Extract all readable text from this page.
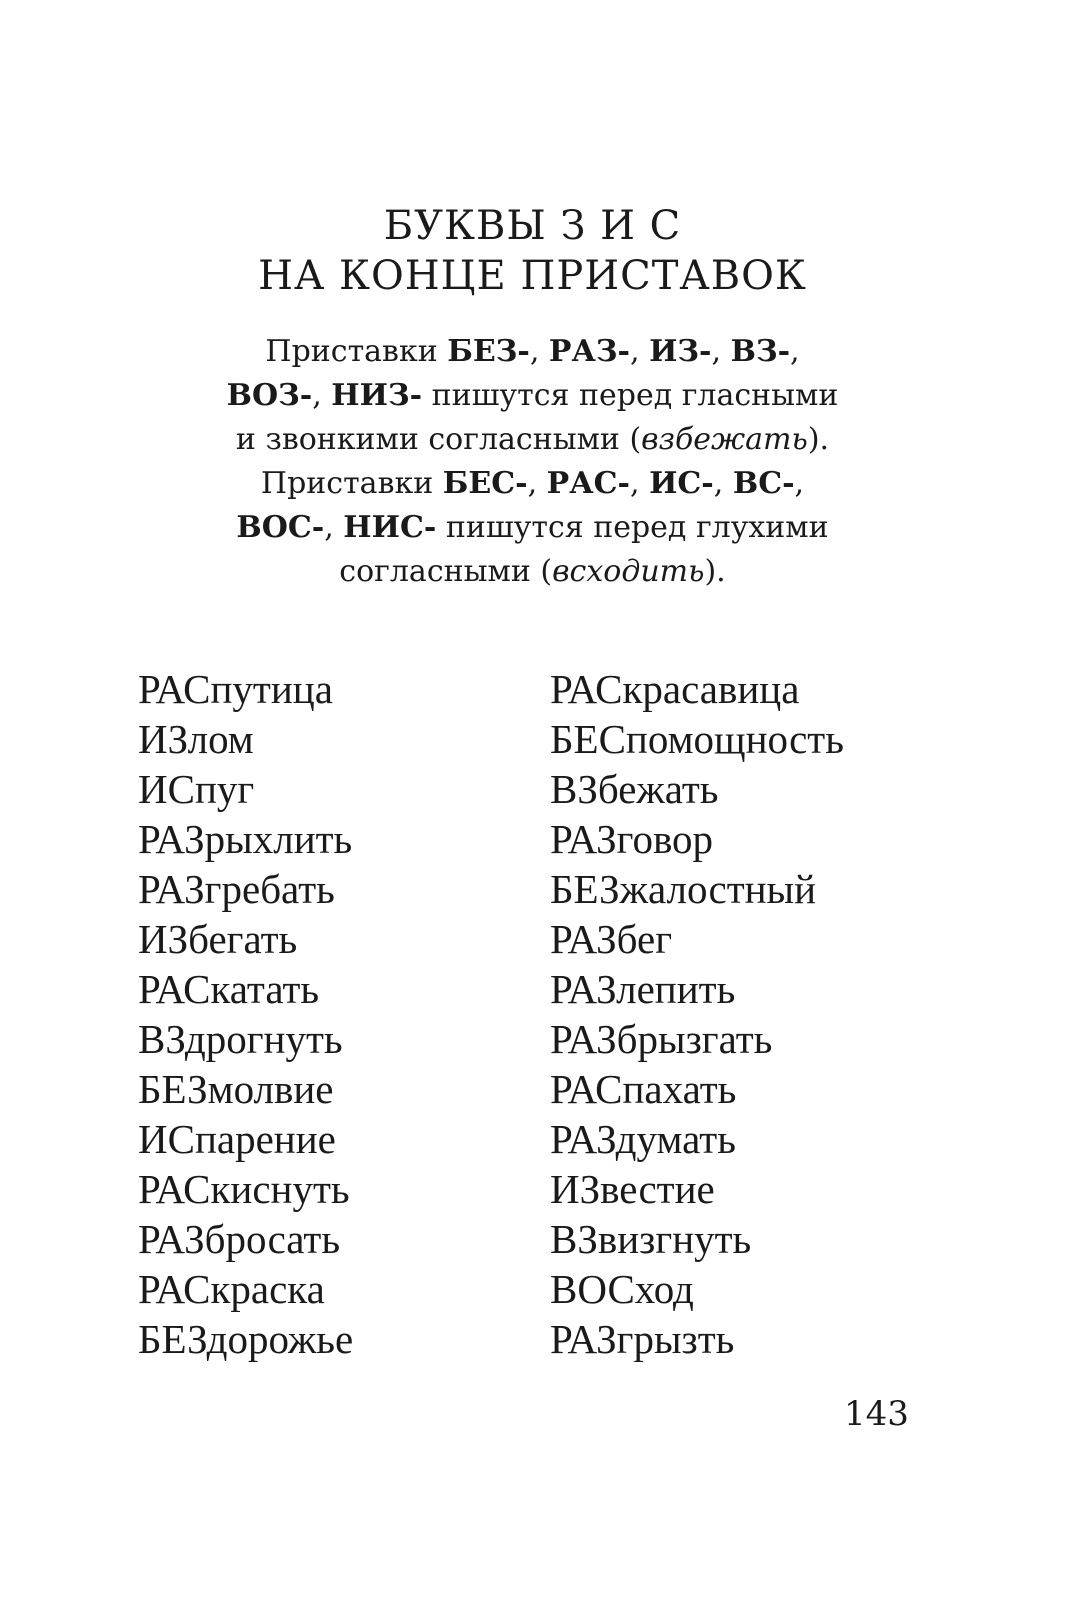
БУКВЫ З И С
НА КОНЦЕ ПРИСТАВОК

Приставки БЕЗ-, РАЗ-, ИЗ-, ВЗ-,

ВОЗ-, НИЗ- пишутся перед гласными

и звонкими согласными (взбежать).

Приставки БЕС-, РАС-, ИС-, ВС-,

ВОС-, НИС- пишутся перед глухими

согласными (всходить).

РАСпутица
ИЗлом
ИСпуг
РАЗрыхлить
РАЗгребать
ИЗбегать
РАСкатать
ВЗдрогнуть
БЕЗмолвие
ИСпарение
РАСкиснуть
РАЗбросать
РАСкраска
БЕЗдорожье
РАСкрасавица
БЕСпомощность
ВЗбежать
РАЗговор
БЕЗжалостный
РАЗбег
РАЗлепить
РАЗбрызгать
РАСпахать
РАЗдумать
ИЗвестие
ВЗвизгнуть
ВОСход
РАЗгрызть
143
